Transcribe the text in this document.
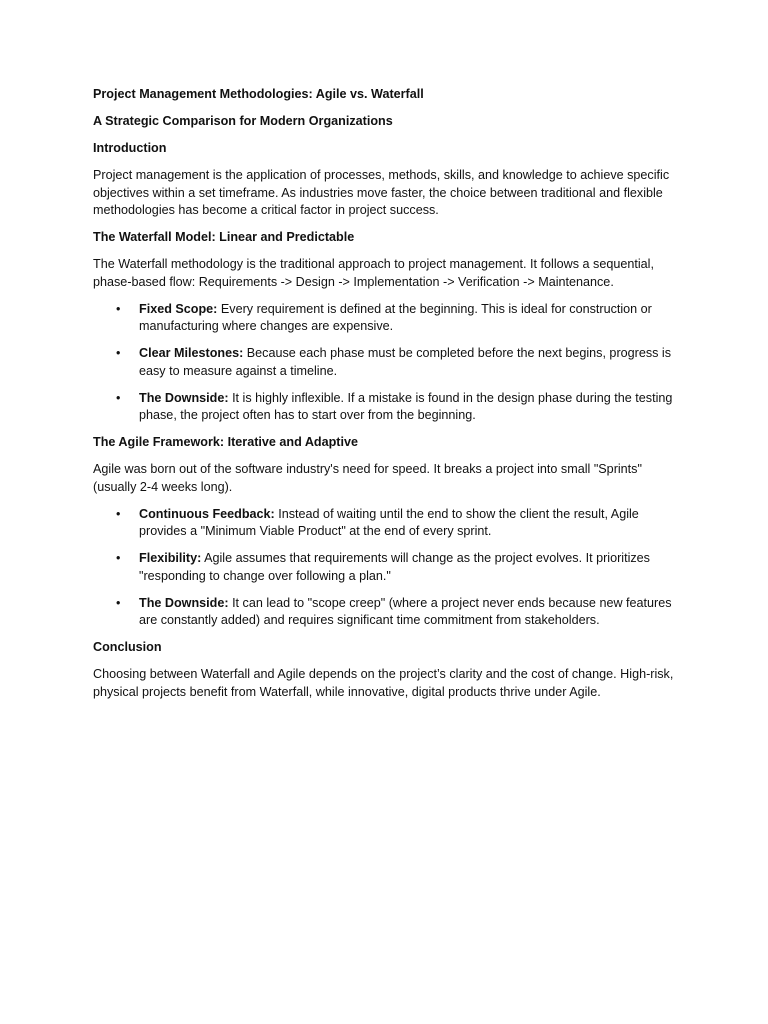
Project Management Methodologies: Agile vs. Waterfall

A Strategic Comparison for Modern Organizations

Introduction

Project management is the application of processes, methods, skills, and knowledge to achieve specific objectives within a set timeframe. As industries move faster, the choice between traditional and flexible methodologies has become a critical factor in project success.

The Waterfall Model: Linear and Predictable

The Waterfall methodology is the traditional approach to project management. It follows a sequential, phase-based flow: Requirements -> Design -> Implementation -> Verification -> Maintenance.

• Fixed Scope: Every requirement is defined at the beginning. This is ideal for construction or manufacturing where changes are expensive.
• Clear Milestones: Because each phase must be completed before the next begins, progress is easy to measure against a timeline.
• The Downside: It is highly inflexible. If a mistake is found in the design phase during the testing phase, the project often has to start over from the beginning.

The Agile Framework: Iterative and Adaptive

Agile was born out of the software industry's need for speed. It breaks a project into small "Sprints" (usually 2-4 weeks long).

• Continuous Feedback: Instead of waiting until the end to show the client the result, Agile provides a "Minimum Viable Product" at the end of every sprint.
• Flexibility: Agile assumes that requirements will change as the project evolves. It prioritizes "responding to change over following a plan."
• The Downside: It can lead to "scope creep" (where a project never ends because new features are constantly added) and requires significant time commitment from stakeholders.

Conclusion

Choosing between Waterfall and Agile depends on the project’s clarity and the cost of change. High-risk, physical projects benefit from Waterfall, while innovative, digital products thrive under Agile.
